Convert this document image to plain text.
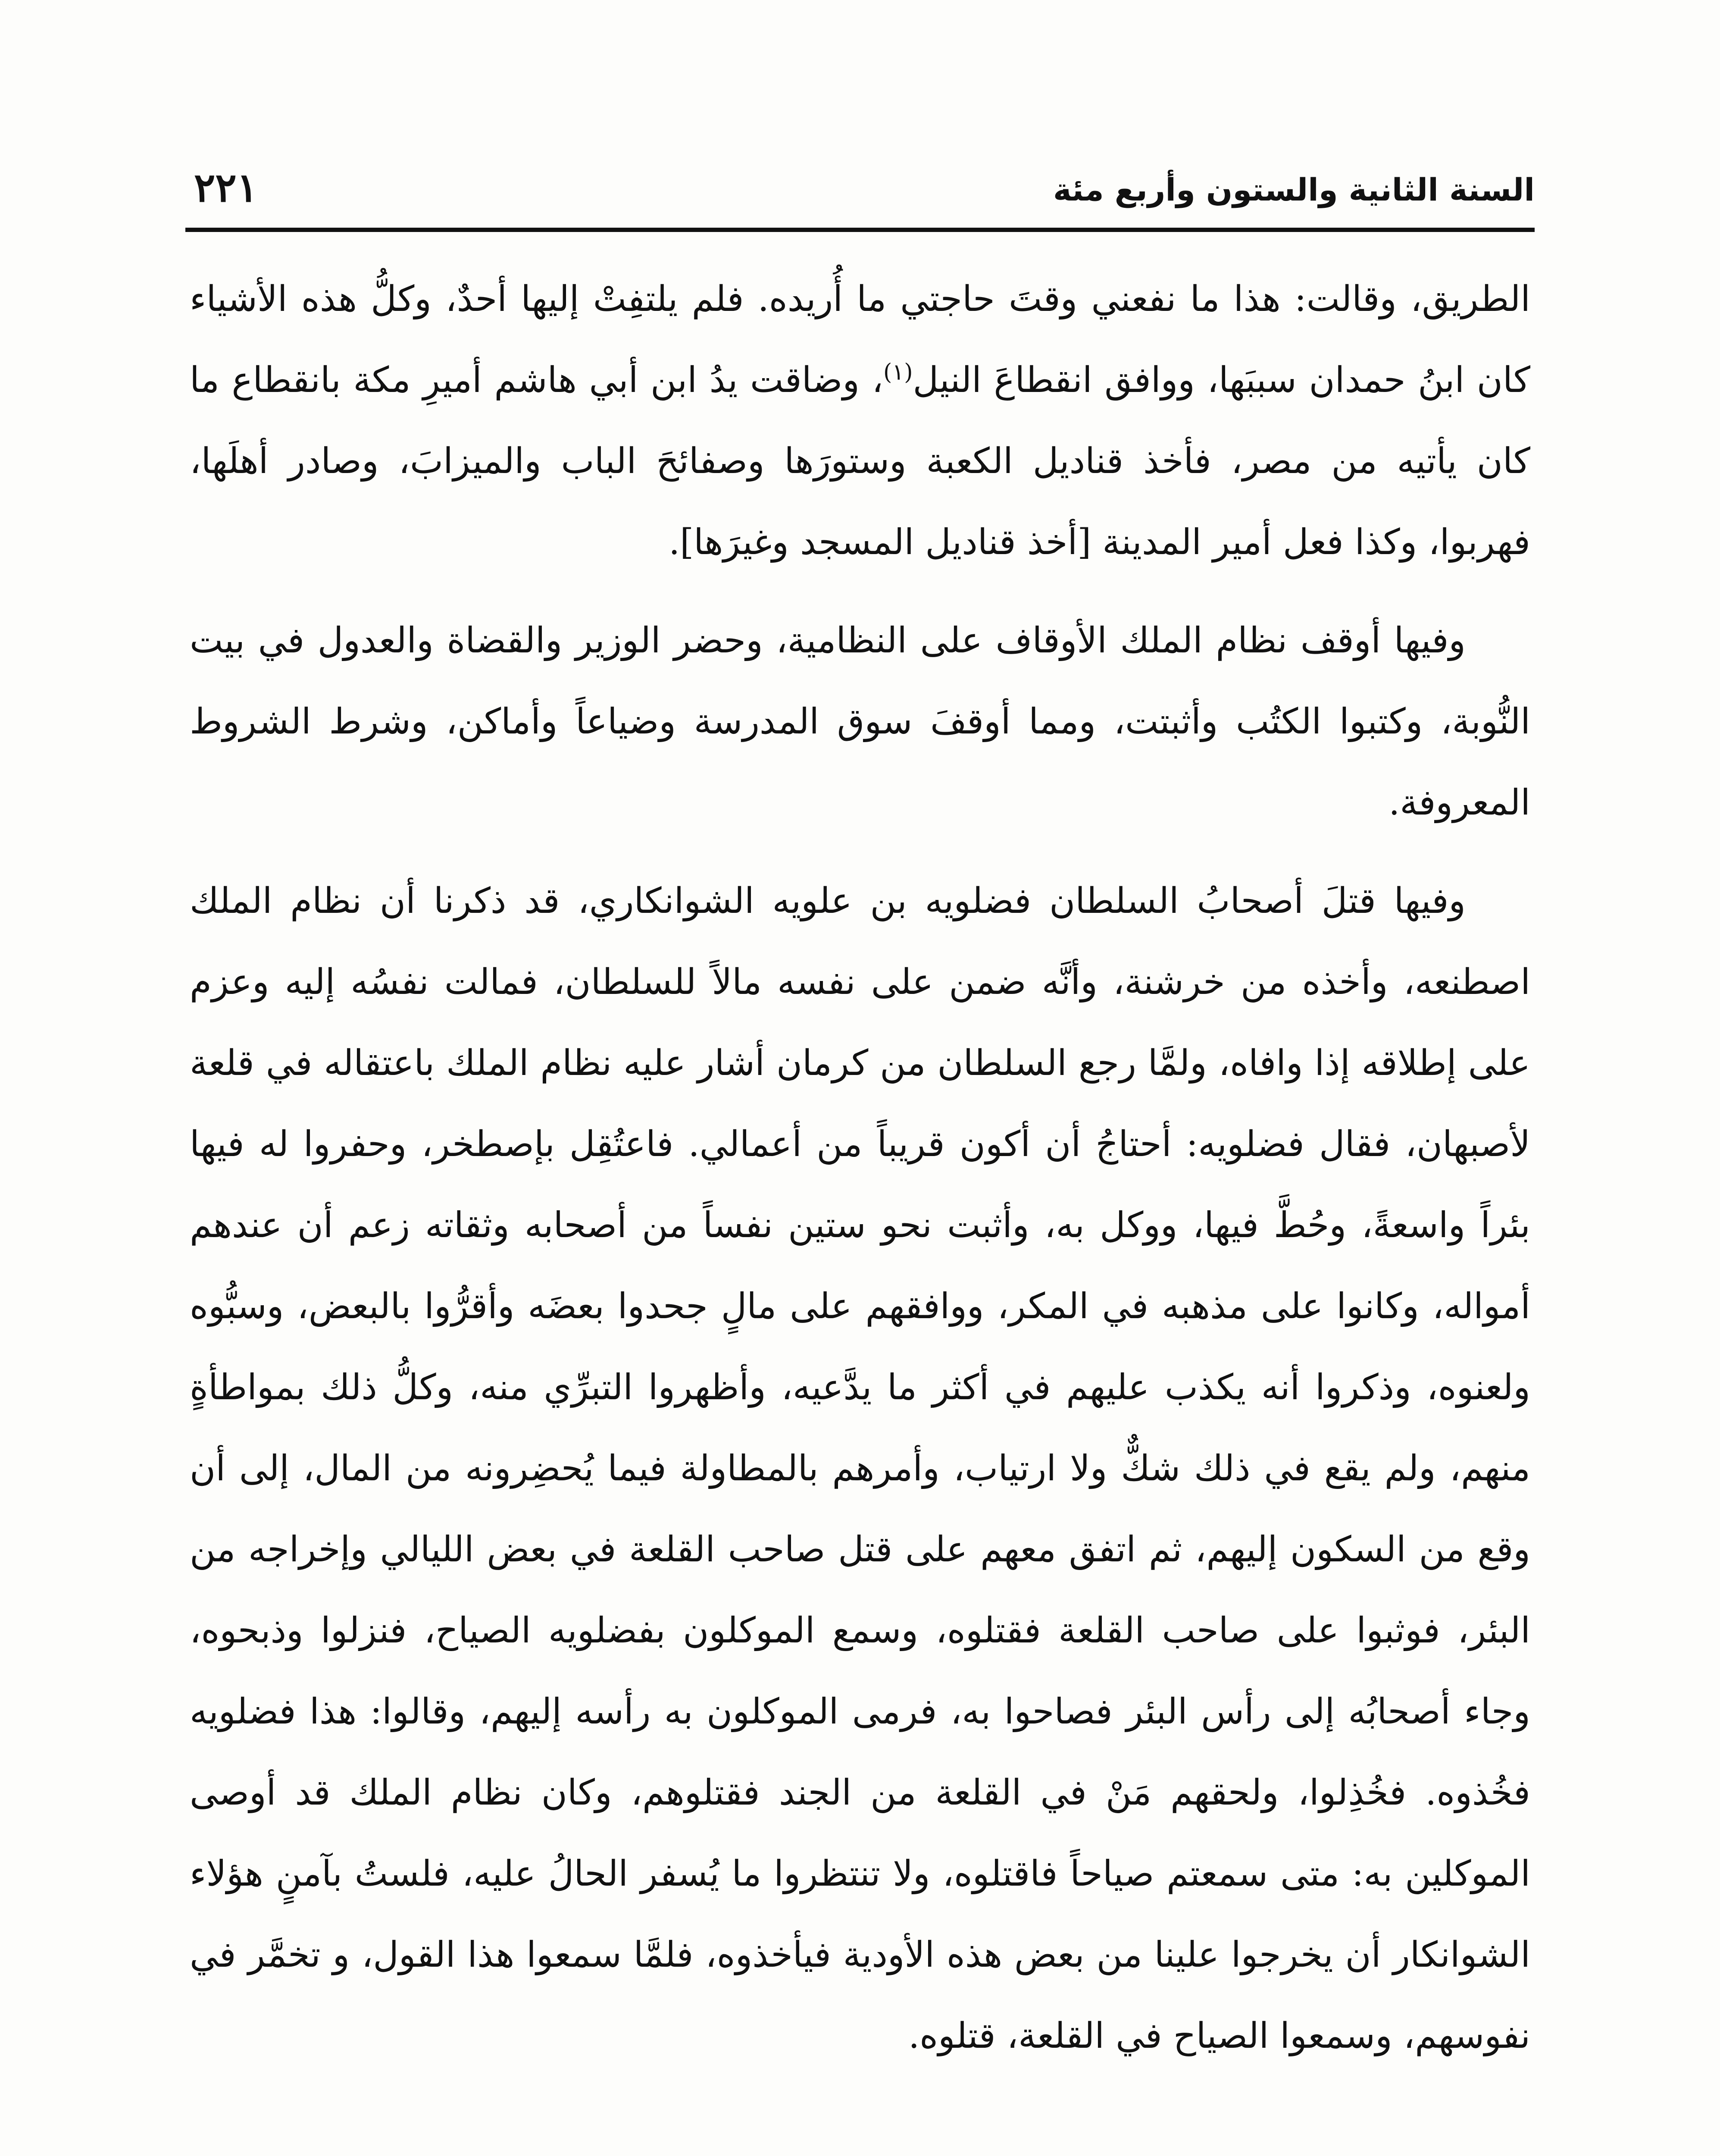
السنة الثانية والستون وأربع مئة
٢٢١

الطريق، وقالت: هذا ما نفعني وقتَ حاجتي ما أُريده. فلم يلتفِتْ إليها أحدٌ، وكلُّ هذه الأشياء كان ابنُ حمدان سببَها، ووافق انقطاعَ النيل$^{(١)}$، وضاقت يدُ ابن أبي هاشم أميرِ مكة بانقطاع ما كان يأتيه من مصر، فأخذ قناديل الكعبة وستورَها وصفائحَ الباب والميزابَ، وصادر أهلَها، فهربوا، وكذا فعل أمير المدينة [أخذ قناديل المسجد وغيرَها].

وفيها أوقف نظام الملك الأوقاف على النظامية، وحضر الوزير والقضاة والعدول في بيت النُّوبة، وكتبوا الكتُب وأثبتت، ومما أوقفَ سوق المدرسة وضياعاً وأماكن، وشرط الشروط المعروفة.

وفيها قتلَ أصحابُ السلطان فضلويه بن علويه الشوانكاري، قد ذكرنا أن نظام الملك اصطنعه، وأخذه من خرشنة، وأنَّه ضمن على نفسه مالاً للسلطان، فمالت نفسُه إليه وعزم على إطلاقه إذا وافاه، ولمَّا رجع السلطان من كرمان أشار عليه نظام الملك باعتقاله في قلعة لأصبهان، فقال فضلويه: أحتاجُ أن أكون قريباً من أعمالي. فاعتُقِل بإصطخر، وحفروا له فيها بئراً واسعةً، وحُطَّ فيها، ووكل به، وأثبت نحو ستين نفساً من أصحابه وثقاته زعم أن عندهم أمواله، وكانوا على مذهبه في المكر، ووافقهم على مالٍ جحدوا بعضَه وأقرُّوا بالبعض، وسبُّوه ولعنوه، وذكروا أنه يكذب عليهم في أكثر ما يدَّعيه، وأظهروا التبرِّي منه، وكلُّ ذلك بمواطأةٍ منهم، ولم يقع في ذلك شكٌّ ولا ارتياب، وأمرهم بالمطاولة فيما يُحضِرونه من المال، إلى أن وقع من السكون إليهم، ثم اتفق معهم على قتل صاحب القلعة في بعض الليالي وإخراجه من البئر، فوثبوا على صاحب القلعة فقتلوه، وسمع الموكلون بفضلويه الصياح، فنزلوا وذبحوه، وجاء أصحابُه إلى رأس البئر فصاحوا به، فرمى الموكلون به رأسه إليهم، وقالوا: هذا فضلويه فخُذوه. فخُذِلوا، ولحقهم مَنْ في القلعة من الجند فقتلوهم، وكان نظام الملك قد أوصى الموكلين به: متى سمعتم صياحاً فاقتلوه، ولا تنتظروا ما يُسفر الحالُ عليه، فلستُ بآمنٍ هؤلاء الشوانكار أن يخرجوا علينا من بعض هذه الأودية فيأخذوه، فلمَّا سمعوا هذا القول، و تخمَّر في نفوسهم، وسمعوا الصياح في القلعة، قتلوه.
